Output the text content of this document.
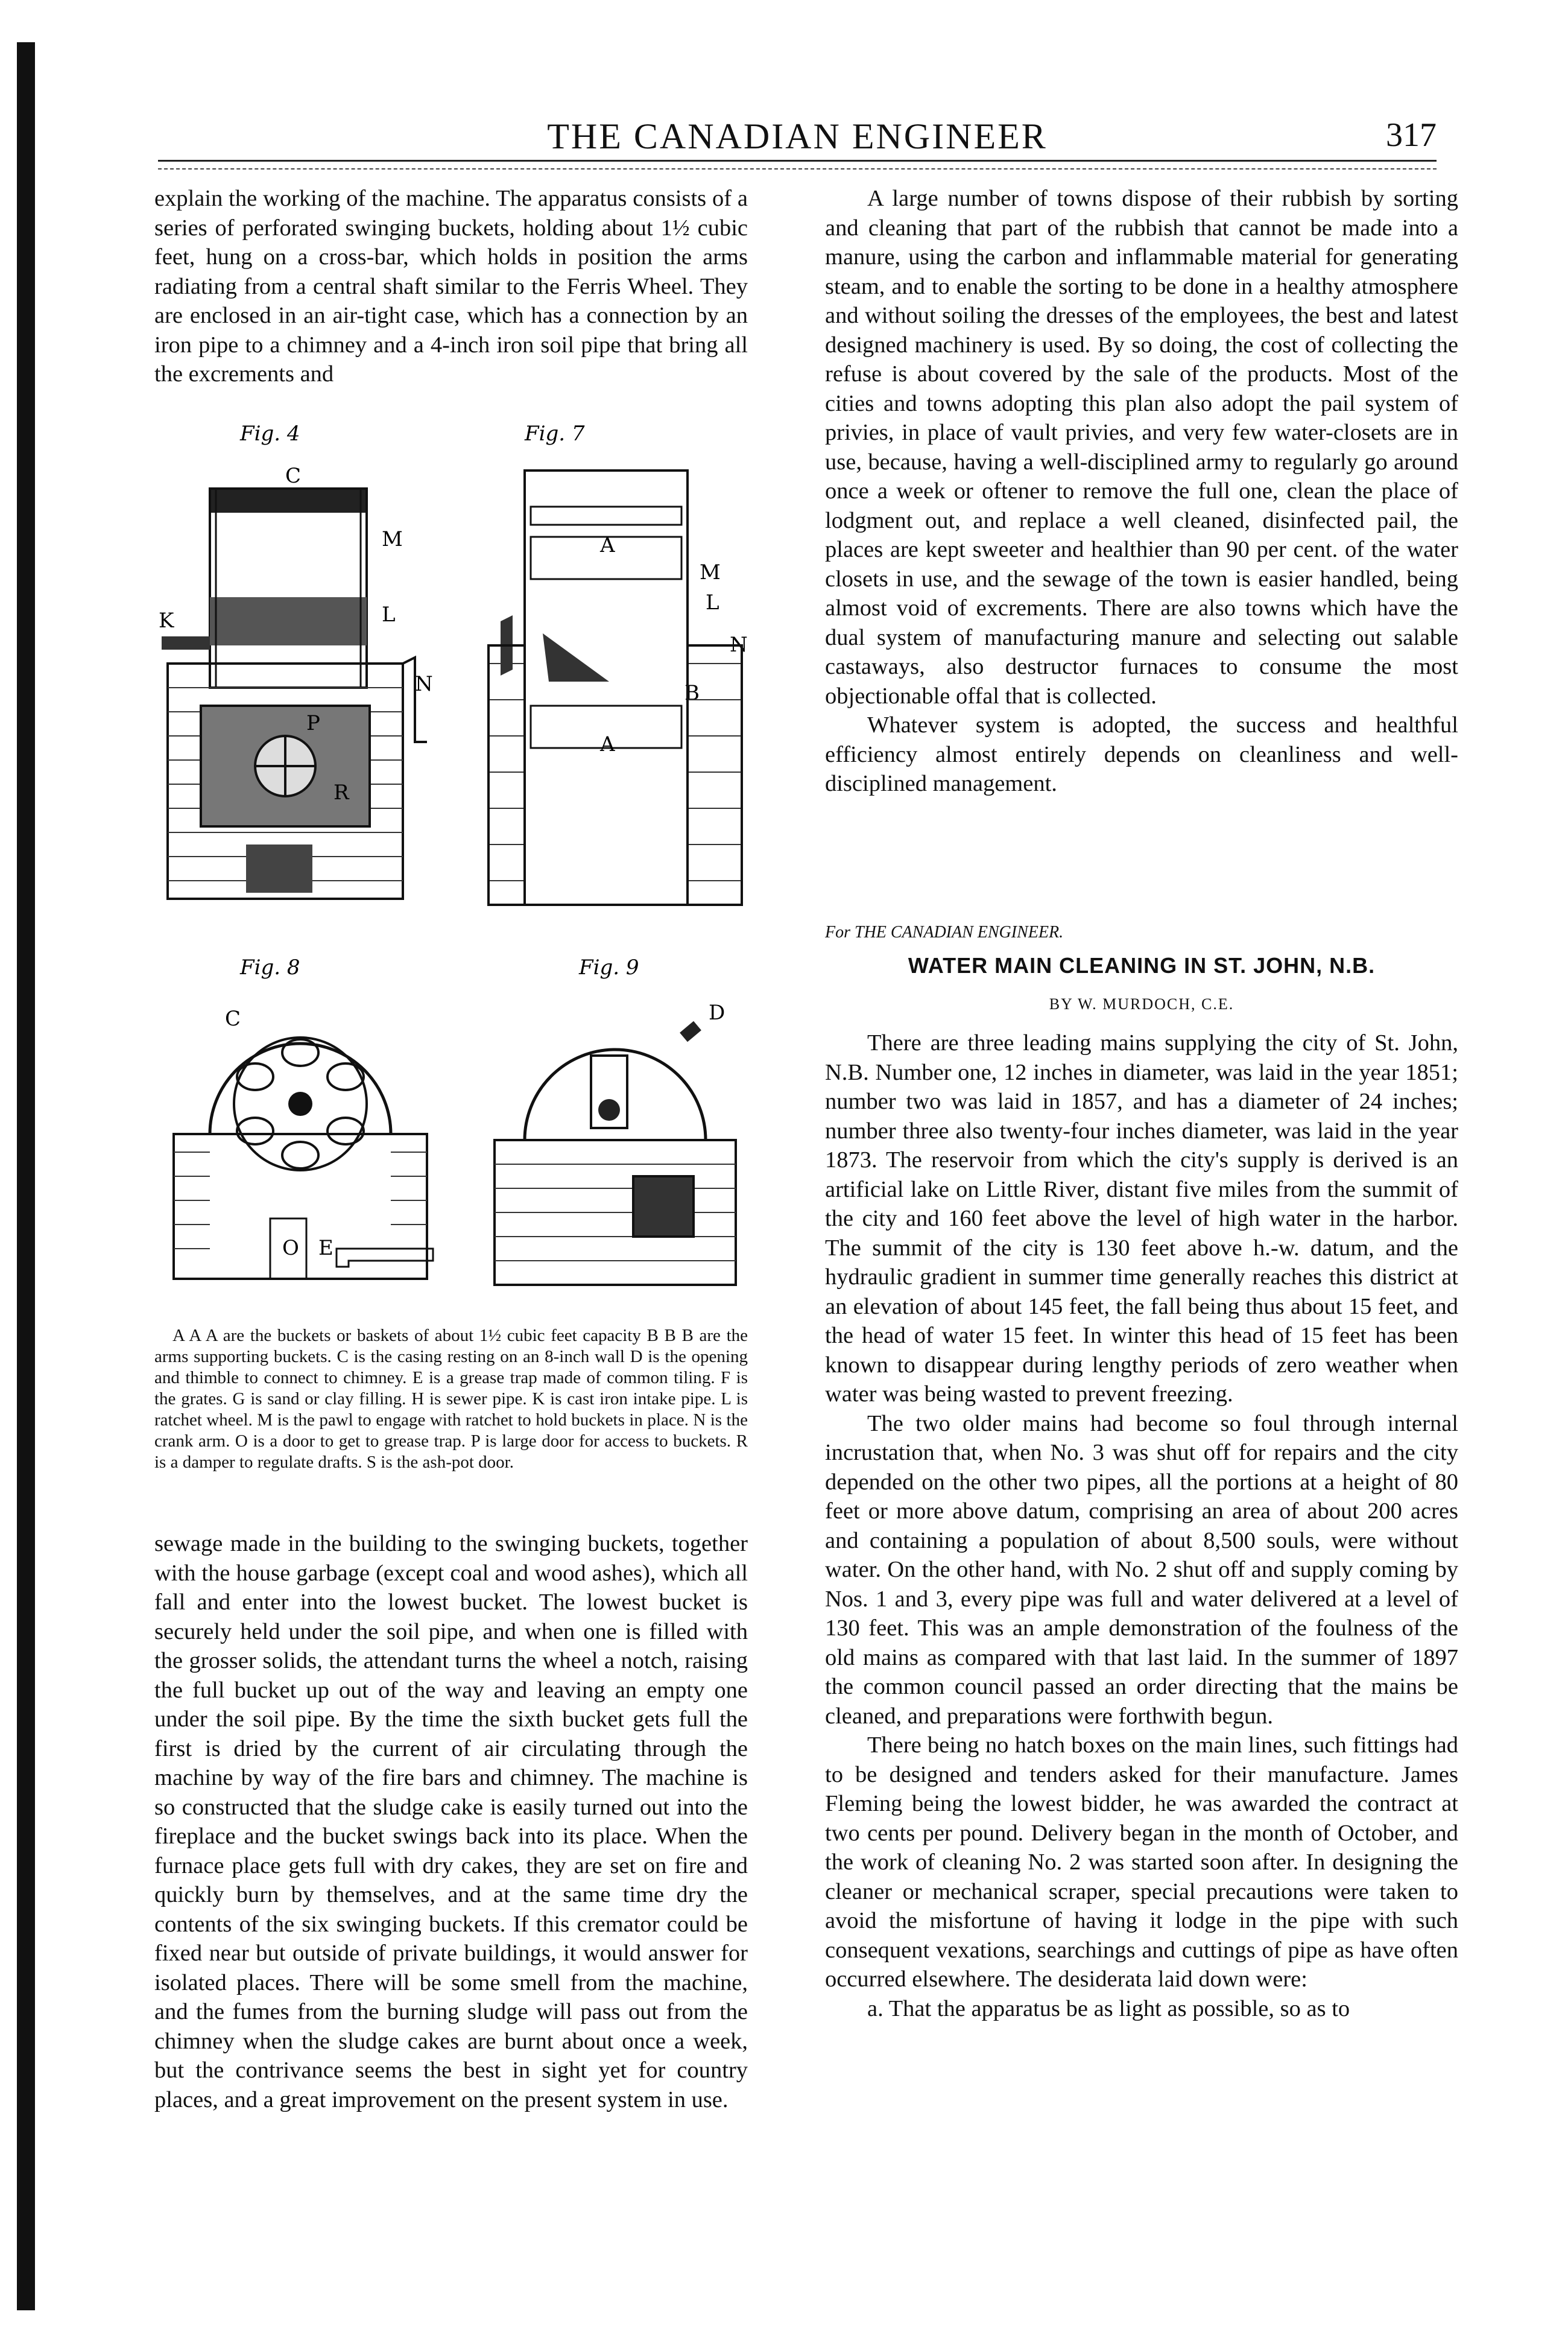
THE CANADIAN ENGINEER	317

explain the working of the machine. The apparatus consists of a series of perforated swinging buckets, holding about 1½ cubic feet, hung on a cross-bar, which holds in position the arms radiating from a central shaft similar to the Ferris Wheel. They are enclosed in an air-tight case, which has a connection by an iron pipe to a chimney and a 4-inch iron soil pipe that bring all the excrements and

Fig. 4
C
M
K	L
N
P
R
Fig. 7
A
A
M
L
N
B
Fig. 8
C
O E
Fig. 9
D

A A A are the buckets or baskets of about 1½ cubic feet capacity B B B are the arms supporting buckets. C is the casing resting on an 8-inch wall D is the opening and thimble to connect to chimney. E is a grease trap made of common tiling. F is the grates. G is sand or clay filling. H is sewer pipe. K is cast iron intake pipe. L is ratchet wheel. M is the pawl to engage with ratchet to hold buckets in place. N is the crank arm. O is a door to get to grease trap. P is large door for access to buckets. R is a damper to regulate drafts. S is the ash-pot door.

sewage made in the building to the swinging buckets, together with the house garbage (except coal and wood ashes), which all fall and enter into the lowest bucket. The lowest bucket is securely held under the soil pipe, and when one is filled with the grosser solids, the attendant turns the wheel a notch, raising the full bucket up out of the way and leaving an empty one under the soil pipe. By the time the sixth bucket gets full the first is dried by the current of air circulating through the machine by way of the fire bars and chimney. The machine is so constructed that the sludge cake is easily turned out into the fireplace and the bucket swings back into its place. When the furnace place gets full with dry cakes, they are set on fire and quickly burn by themselves, and at the same time dry the contents of the six swinging buckets. If this cremator could be fixed near but outside of private buildings, it would answer for isolated places. There will be some smell from the machine, and the fumes from the burning sludge will pass out from the chimney when the sludge cakes are burnt about once a week, but the contrivance seems the best in sight yet for country places, and a great improvement on the present system in use.

A large number of towns dispose of their rubbish by sorting and cleaning that part of the rubbish that cannot be made into a manure, using the carbon and inflammable material for generating steam, and to enable the sorting to be done in a healthy atmosphere and without soiling the dresses of the employees, the best and latest designed machinery is used. By so doing, the cost of collecting the refuse is about covered by the sale of the products. Most of the cities and towns adopting this plan also adopt the pail system of privies, in place of vault privies, and very few water-closets are in use, because, having a well-disciplined army to regularly go around once a week or oftener to remove the full one, clean the place of lodgment out, and replace a well cleaned, disinfected pail, the places are kept sweeter and healthier than 90 per cent. of the water closets in use, and the sewage of the town is easier handled, being almost void of excrements. There are also towns which have the dual system of manufacturing manure and selecting out salable castaways, also destructor furnaces to consume the most objectionable offal that is collected.

Whatever system is adopted, the success and healthful efficiency almost entirely depends on cleanliness and well-disciplined management.

For THE CANADIAN ENGINEER.
WATER MAIN CLEANING IN ST. JOHN, N.B.
BY W. MURDOCH, C.E.

There are three leading mains supplying the city of St. John, N.B. Number one, 12 inches in diameter, was laid in the year 1851; number two was laid in 1857, and has a diameter of 24 inches; number three also twenty-four inches diameter, was laid in the year 1873. The reservoir from which the city's supply is derived is an artificial lake on Little River, distant five miles from the summit of the city and 160 feet above the level of high water in the harbor. The summit of the city is 130 feet above h.-w. datum, and the hydraulic gradient in summer time generally reaches this district at an elevation of about 145 feet, the fall being thus about 15 feet, and the head of water 15 feet. In winter this head of 15 feet has been known to disappear during lengthy periods of zero weather when water was being wasted to prevent freezing.

The two older mains had become so foul through internal incrustation that, when No. 3 was shut off for repairs and the city depended on the other two pipes, all the portions at a height of 80 feet or more above datum, comprising an area of about 200 acres and containing a population of about 8,500 souls, were without water. On the other hand, with No. 2 shut off and supply coming by Nos. 1 and 3, every pipe was full and water delivered at a level of 130 feet. This was an ample demonstration of the foulness of the old mains as compared with that last laid. In the summer of 1897 the common council passed an order directing that the mains be cleaned, and preparations were forthwith begun.

There being no hatch boxes on the main lines, such fittings had to be designed and tenders asked for their manufacture. James Fleming being the lowest bidder, he was awarded the contract at two cents per pound. Delivery began in the month of October, and the work of cleaning No. 2 was started soon after. In designing the cleaner or mechanical scraper, special precautions were taken to avoid the misfortune of having it lodge in the pipe with such consequent vexations, searchings and cuttings of pipe as have often occurred elsewhere. The desiderata laid down were:

a. That the apparatus be as light as possible, so as to
